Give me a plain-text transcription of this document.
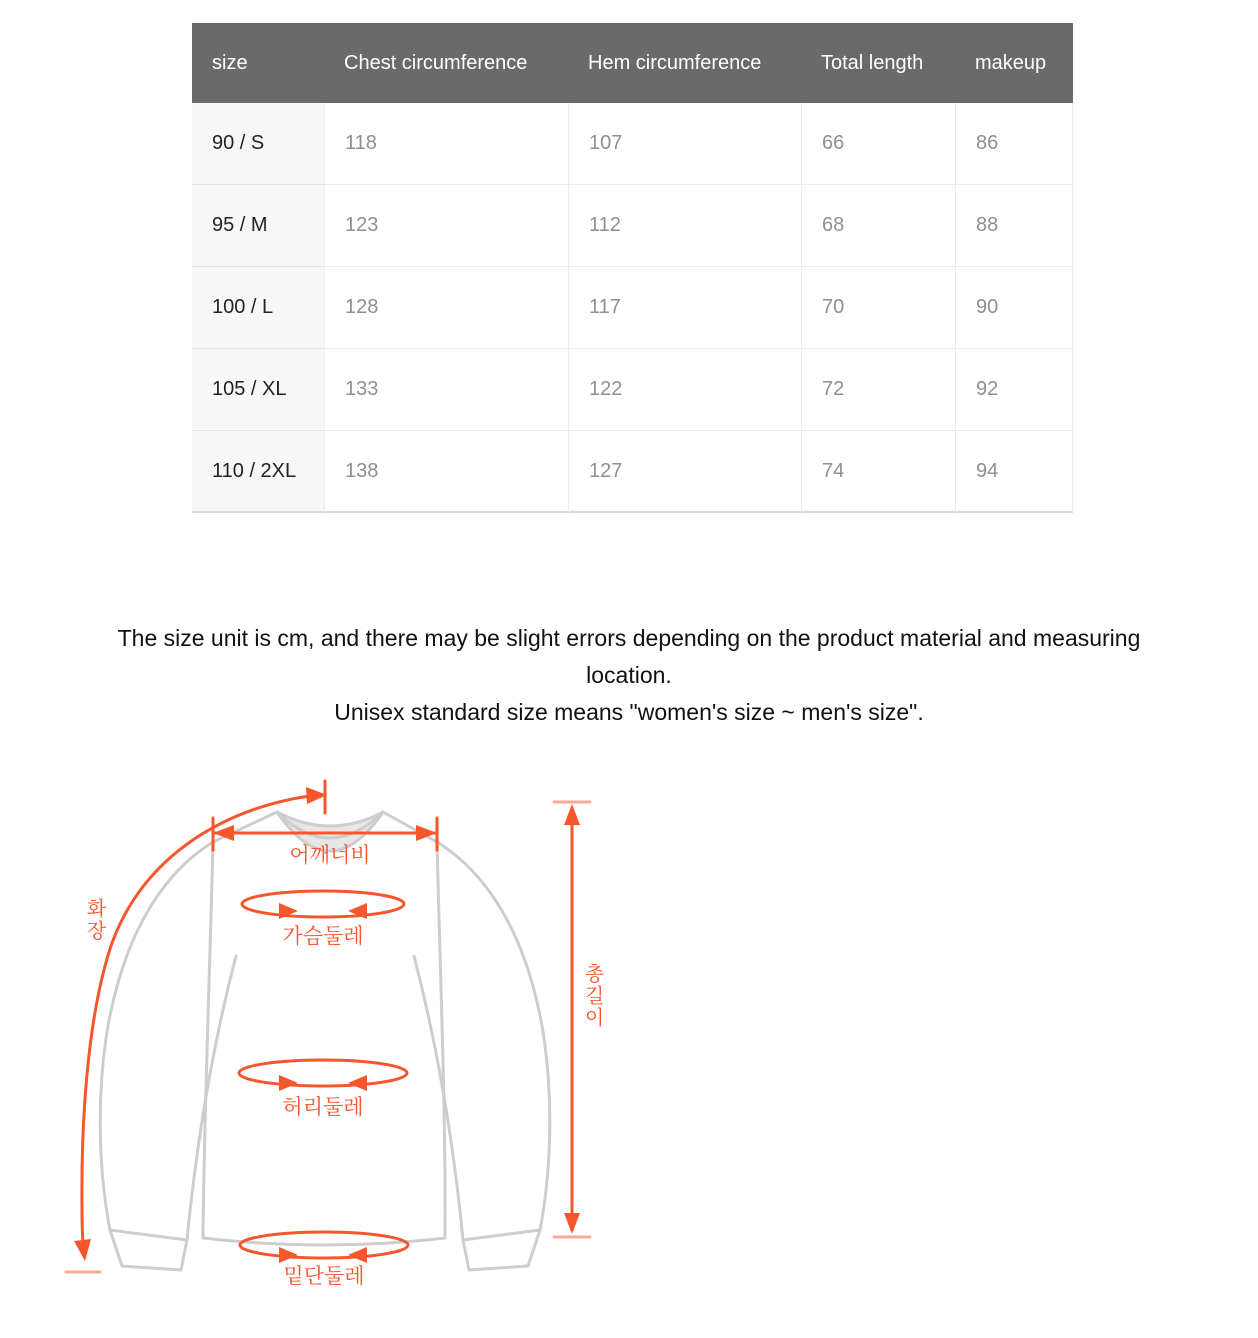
size	Chest circumference	Hem circumference	Total length	makeup
90 / S	118	107	66	86
95 / M	123	112	68	88
100 / L	128	117	70	90
105 / XL	133	122	72	92
110 / 2XL	138	127	74	94
The size unit is cm, and there may be slight errors depending on the product material and measuring location.
Unisex standard size means "women's size ~ men's size".
어깨너비
가슴둘레
허리둘레
밑단둘레
화장
총길이
